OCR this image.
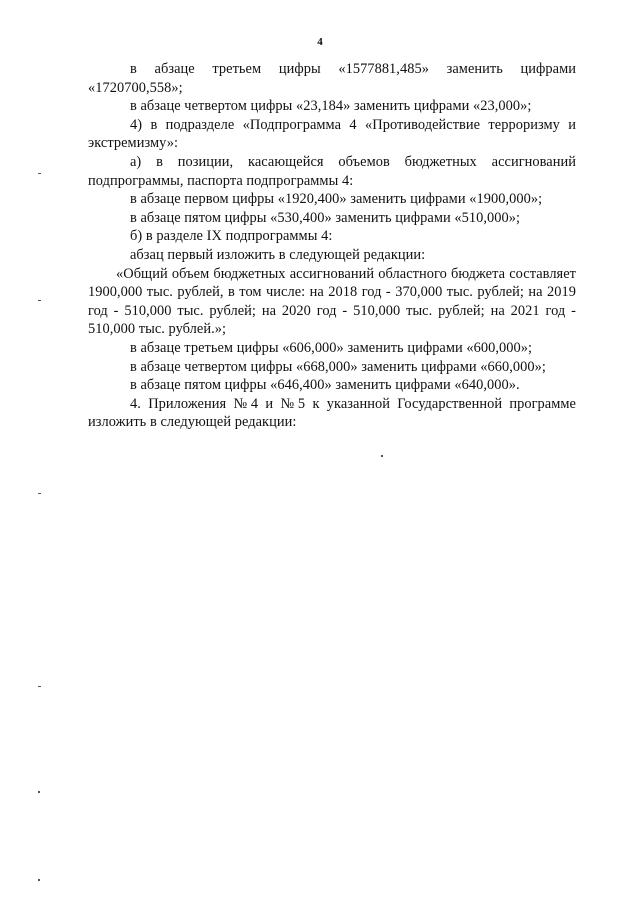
4

в абзаце третьем цифры «1577881,485» заменить цифрами «1720700,558»;

в абзаце четвертом цифры «23,184» заменить цифрами «23,000»;

4) в подразделе «Подпрограмма 4 «Противодействие терроризму и экстремизму»:

а) в позиции, касающейся объемов бюджетных ассигнований подпрограммы, паспорта подпрограммы 4:

в абзаце первом цифры «1920,400» заменить цифрами «1900,000»;

в абзаце пятом цифры «530,400» заменить цифрами «510,000»;

б) в разделе IX подпрограммы 4:

абзац первый изложить в следующей редакции:

«Общий объем бюджетных ассигнований областного бюджета составляет 1900,000 тыс. рублей, в том числе: на 2018 год - 370,000 тыс. рублей; на 2019 год - 510,000 тыс. рублей; на 2020 год - 510,000 тыс. рублей; на 2021 год - 510,000 тыс. рублей.»;

в абзаце третьем цифры «606,000» заменить цифрами «600,000»;

в абзаце четвертом цифры «668,000» заменить цифрами «660,000»;

в абзаце пятом цифры «646,400» заменить цифрами «640,000».

4. Приложения №4 и №5 к указанной Государственной программе изложить в следующей редакции:
